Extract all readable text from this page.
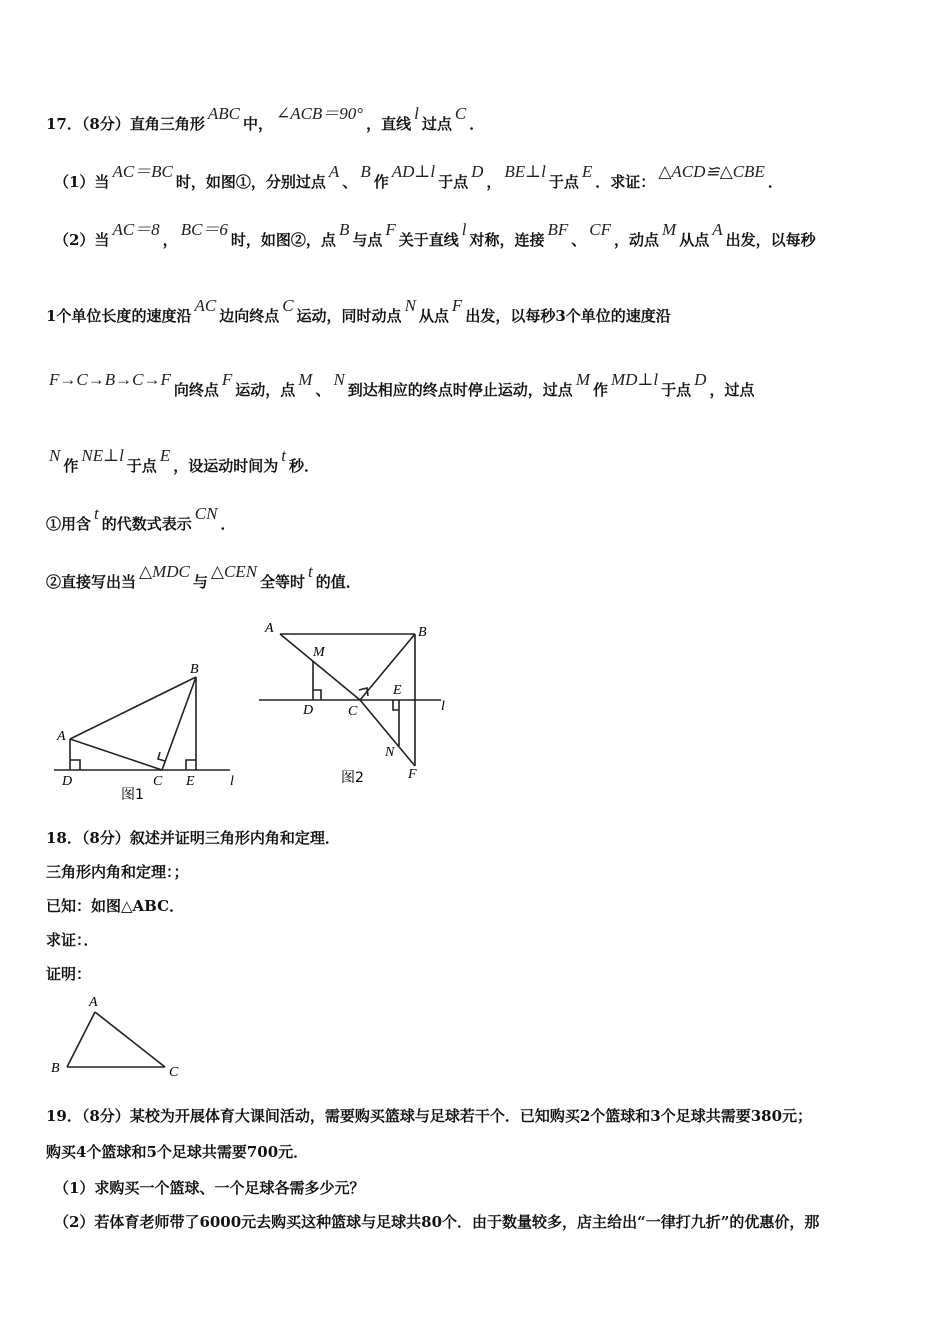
17．（8分）直角三角形ABC中，∠ACB＝90°，直线l过点C．
（1）当AC＝BC时，如图①，分别过点A、B作AD⊥l于点D，BE⊥l于点E．求证：△ACD≌△CBE．
（2）当AC＝8，BC＝6时，如图②，点B与点F关于直线l对称，连接BF、CF，动点M从点A出发，以每秒
1个单位长度的速度沿AC边向终点C运动，同时动点N从点F出发，以每秒3个单位的速度沿
F→C→B→C→F向终点F运动，点M、N到达相应的终点时停止运动，过点M作MD⊥l于点D，过点
N作NE⊥l于点E，设运动时间为t秒．
①用含t的代数式表示CN．
②直接写出当△MDC与△CEN全等时t的值．
A
B
C
D	E	l
图1
A	B
M
D C
E
N
F
l
图2
18．（8分）叙述并证明三角形内角和定理．
三角形内角和定理：；
已知：如图△ABC．
求证：．
证明：
A
B	C
19．（8分）某校为开展体育大课间活动，需要购买篮球与足球若干个．已知购买2个篮球和3个足球共需要380元；
购买4个篮球和5个足球共需要700元．
（1）求购买一个篮球、一个足球各需多少元？
（2）若体育老师带了6000元去购买这种篮球与足球共80个．由于数量较多，店主给出“一律打九折”的优惠价，那
